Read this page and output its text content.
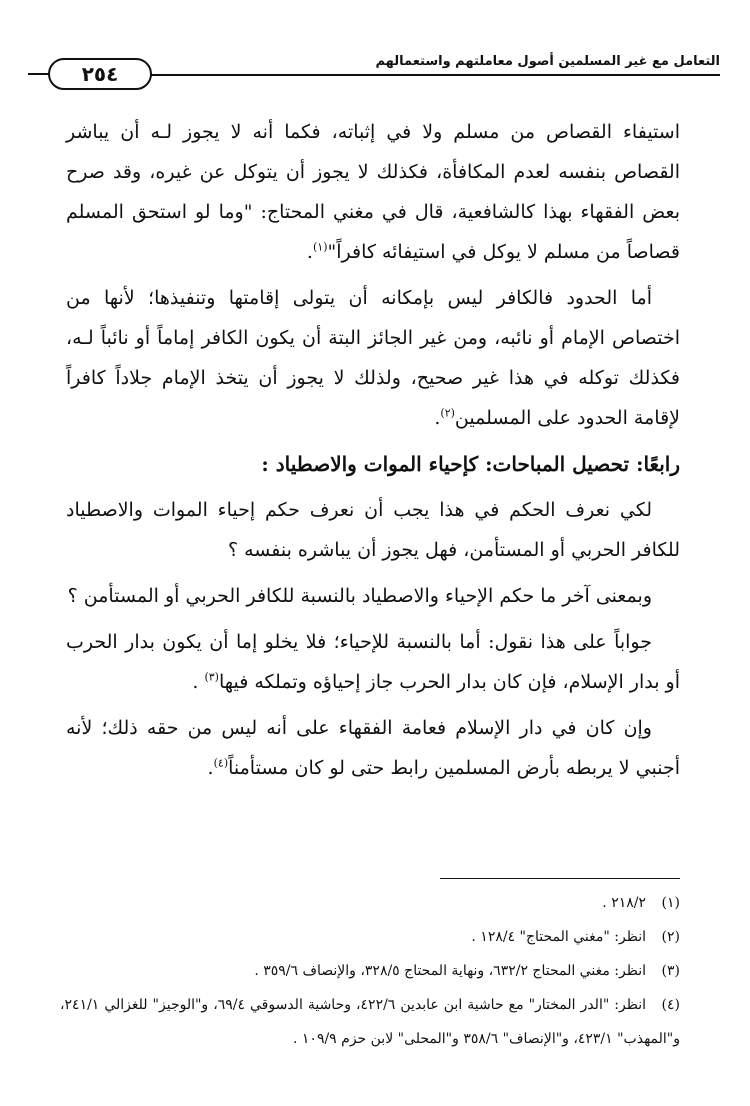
التعامل مع غير المسلمين أصول معاملتهم واستعمالهم
٢٥٤

استيفاء القصاص من مسلم ولا في إثباته، فكما أنه لا يجوز لـه أن يباشر القصاص بنفسه لعدم المكافأة، فكذلك لا يجوز أن يتوكل عن غيره، وقد صرح بعض الفقهاء بهذا كالشافعية، قال في مغني المحتاج: "وما لو استحق المسلم قصاصاً من مسلم لا يوكل في استيفائه كافراً"$^{(١)}$.

أما الحدود فالكافر ليس بإمكانه أن يتولى إقامتها وتنفيذها؛ لأنها من اختصاص الإمام أو نائبه، ومن غير الجائز البتة أن يكون الكافر إماماً أو نائباً لـه، فكذلك توكله في هذا غير صحيح، ولذلك لا يجوز أن يتخذ الإمام جلاداً كافراً لإقامة الحدود على المسلمين$^{(٢)}$.

رابعًا: تحصيل المباحات: كإحياء الموات والاصطياد :

لكي نعرف الحكم في هذا يجب أن نعرف حكم إحياء الموات والاصطياد للكافر الحربي أو المستأمن، فهل يجوز أن يباشره بنفسه ؟

وبمعنى آخر ما حكم الإحياء والاصطياد بالنسبة للكافر الحربي أو المستأمن ؟

جواباً على هذا نقول: أما بالنسبة للإحياء؛ فلا يخلو إما أن يكون بدار الحرب أو بدار الإسلام، فإن كان بدار الحرب جاز إحياؤه وتملكه فيها$^{(٣)}$ .

وإن كان في دار الإسلام فعامة الفقهاء على أنه ليس من حقه ذلك؛ لأنه أجنبي لا يربطه بأرض المسلمين رابط حتى لو كان مستأمناً$^{(٤)}$.

(١)٢١٨/٢ .

(٢)انظر: "مغني المحتاج" ١٢٨/٤ .

(٣)انظر: مغني المحتاج ٦٣٢/٢، ونهاية المحتاج ٣٢٨/٥، والإنصاف ٣٥٩/٦ .

(٤)انظر: "الدر المختار" مع حاشية ابن عابدين ٤٢٢/٦، وحاشية الدسوقي ٦٩/٤، و"الوجيز" للغزالي ٢٤١/١، و"المهذب" ٤٢٣/١، و"الإنصاف" ٣٥٨/٦ و"المحلى" لابن حزم ١٠٩/٩ .
